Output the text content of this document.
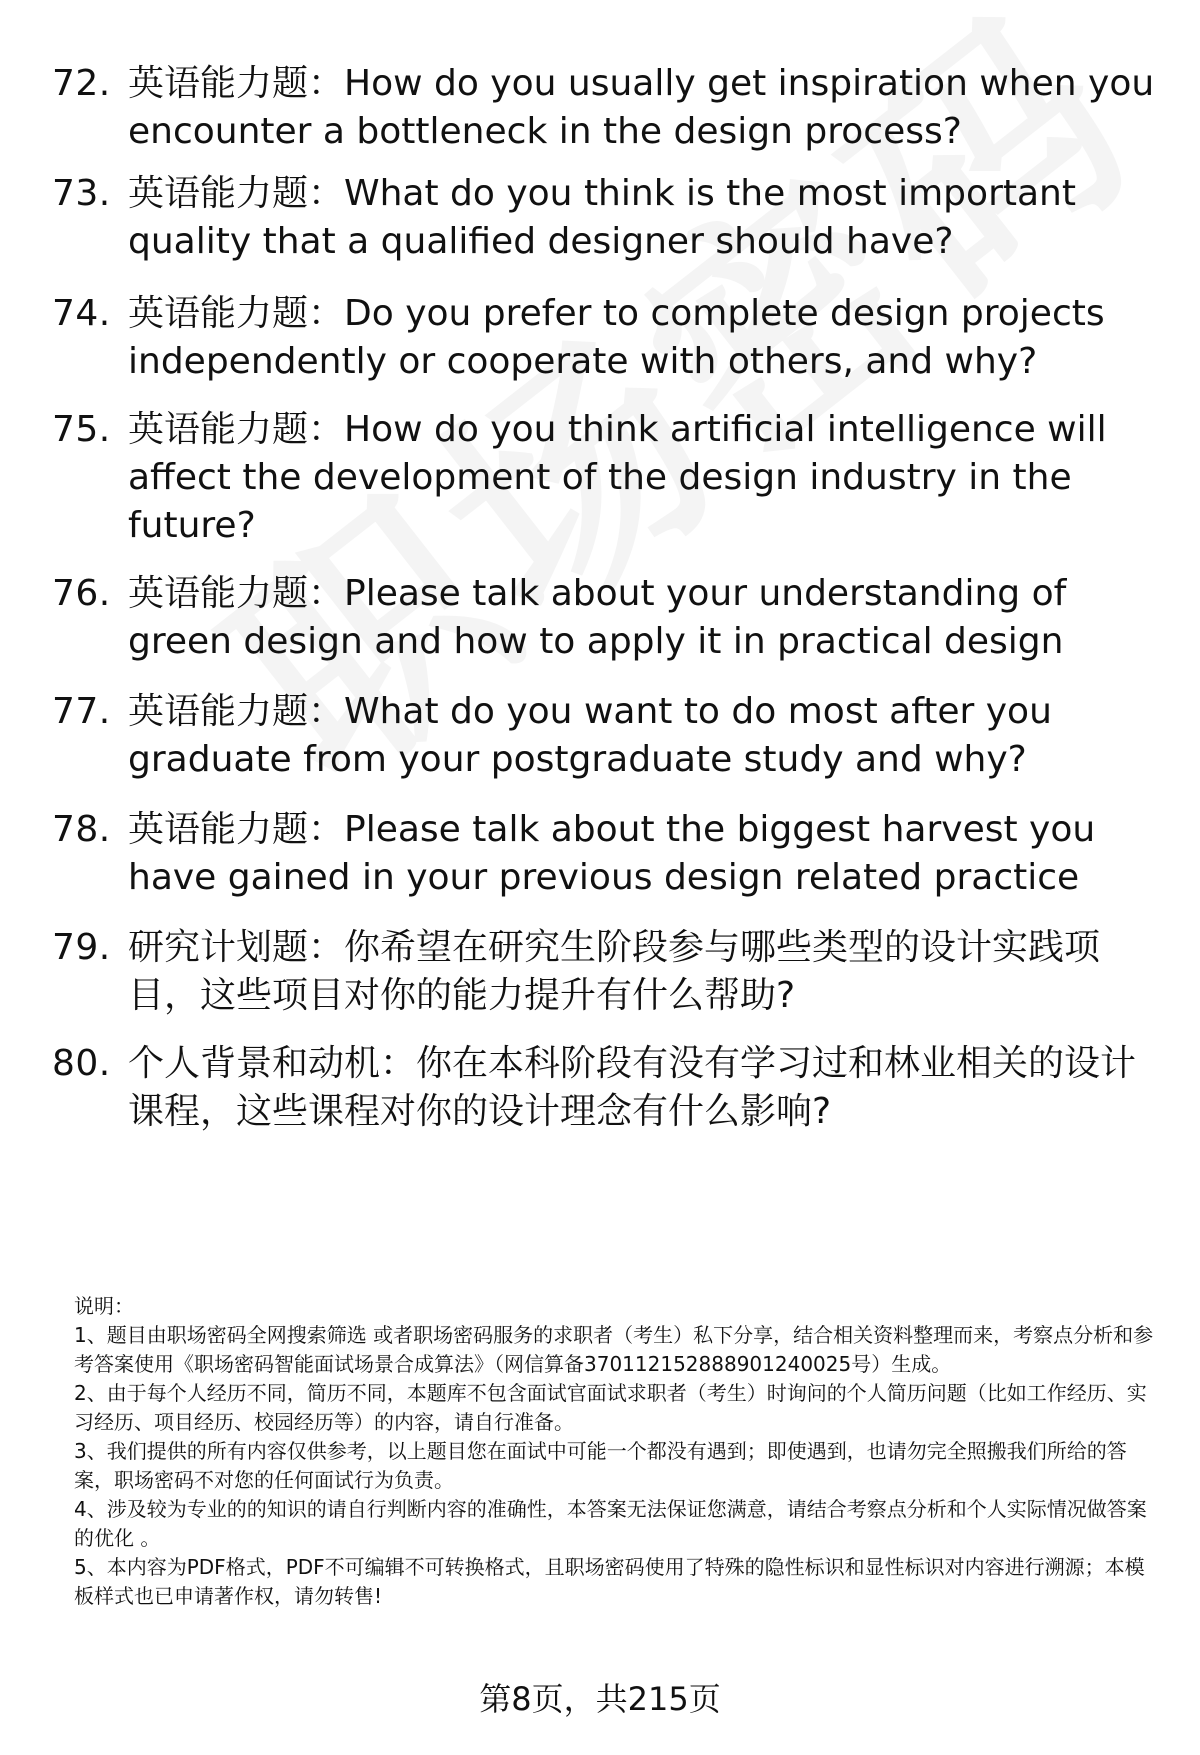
72. 英语能力题：How do you usually get inspiration when you encounter a bottleneck in the design process?
73. 英语能力题：What do you think is the most important quality that a qualified designer should have?
74. 英语能力题：Do you prefer to complete design projects independently or cooperate with others, and why?
75. 英语能力题：How do you think artificial intelligence will affect the development of the design industry in the future?
76. 英语能力题：Please talk about your understanding of green design and how to apply it in practical design
77. 英语能力题：What do you want to do most after you graduate from your postgraduate study and why?
78. 英语能力题：Please talk about the biggest harvest you have gained in your previous design related practice
79. 研究计划题：你希望在研究生阶段参与哪些类型的设计实践项目，这些项目对你的能力提升有什么帮助?
80. 个人背景和动机：你在本科阶段有没有学习过和林业相关的设计课程，这些课程对你的设计理念有什么影响?

说明：

1、题目由职场密码全网搜索筛选 或者职场密码服务的求职者（考生）私下分享，结合相关资料整理而来，考察点分析和参考答案使用《职场密码智能面试场景合成算法》（网信算备370112152888901240025号）生成。

2、由于每个人经历不同，简历不同，本题库不包含面试官面试求职者（考生）时询问的个人简历问题（比如工作经历、实习经历、项目经历、校园经历等）的内容，请自行准备。

3、我们提供的所有内容仅供参考，以上题目您在面试中可能一个都没有遇到；即使遇到，也请勿完全照搬我们所给的答案，职场密码不对您的任何面试行为负责。

4、涉及较为专业的的知识的请自行判断内容的准确性，本答案无法保证您满意，请结合考察点分析和个人实际情况做答案的优化 。

5、本内容为PDF格式，PDF不可编辑不可转换格式，且职场密码使用了特殊的隐性标识和显性标识对内容进行溯源；本模板样式也已申请著作权，请勿转售!

第8页，共215页
